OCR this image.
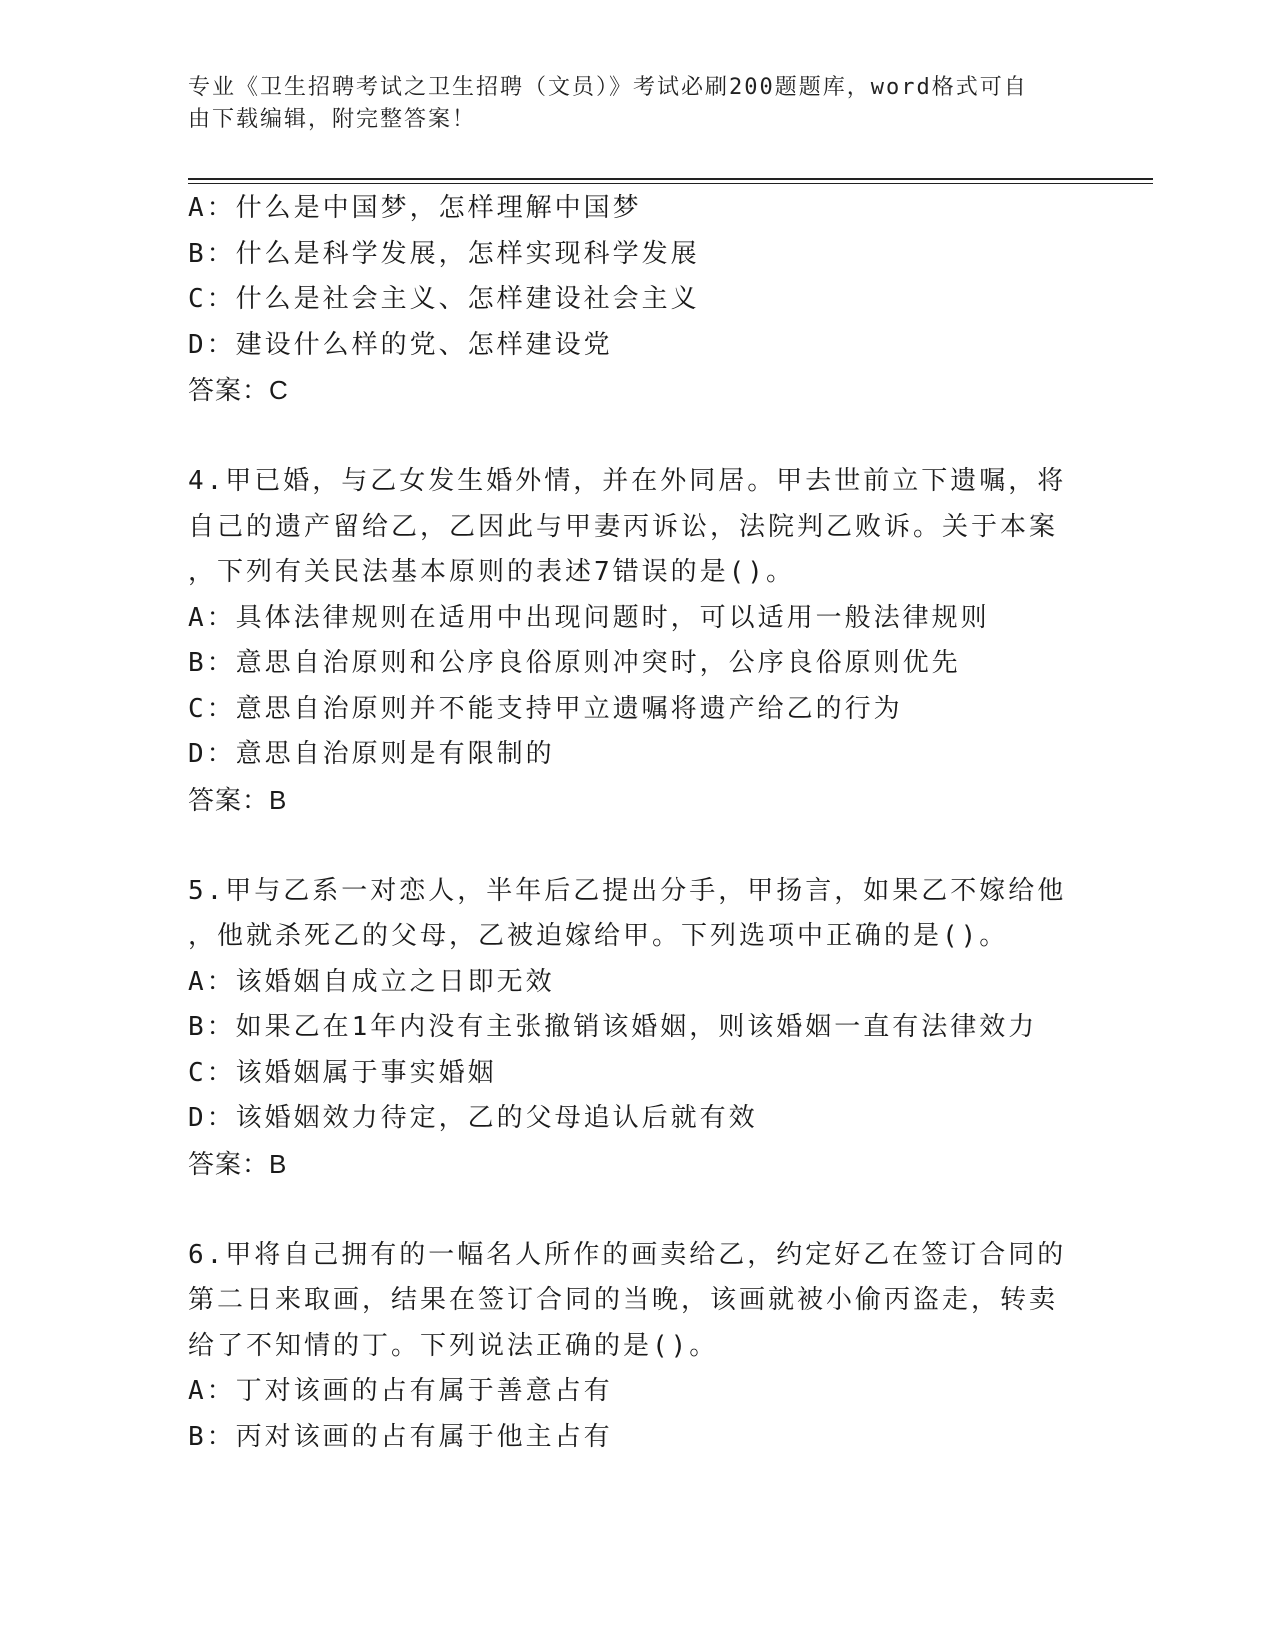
专业《卫生招聘考试之卫生招聘（文员）》考试必刷200题题库，word格式可自
由下载编辑，附完整答案！
A：什么是中国梦，怎样理解中国梦
B：什么是科学发展，怎样实现科学发展
C：什么是社会主义、怎样建设社会主义
D：建设什么样的党、怎样建设党
答案：C
4.甲已婚，与乙女发生婚外情，并在外同居。甲去世前立下遗嘱，将
自己的遗产留给乙，乙因此与甲妻丙诉讼，法院判乙败诉。关于本案
，下列有关民法基本原则的表述7错误的是()。
A：具体法律规则在适用中出现问题时，可以适用一般法律规则
B：意思自治原则和公序良俗原则冲突时，公序良俗原则优先
C：意思自治原则并不能支持甲立遗嘱将遗产给乙的行为
D：意思自治原则是有限制的
答案：B
5.甲与乙系一对恋人，半年后乙提出分手，甲扬言，如果乙不嫁给他
，他就杀死乙的父母，乙被迫嫁给甲。下列选项中正确的是()。
A：该婚姻自成立之日即无效
B：如果乙在1年内没有主张撤销该婚姻，则该婚姻一直有法律效力
C：该婚姻属于事实婚姻
D：该婚姻效力待定，乙的父母追认后就有效
答案：B
6.甲将自己拥有的一幅名人所作的画卖给乙，约定好乙在签订合同的
第二日来取画，结果在签订合同的当晚，该画就被小偷丙盗走，转卖
给了不知情的丁。下列说法正确的是()。
A：丁对该画的占有属于善意占有
B：丙对该画的占有属于他主占有
